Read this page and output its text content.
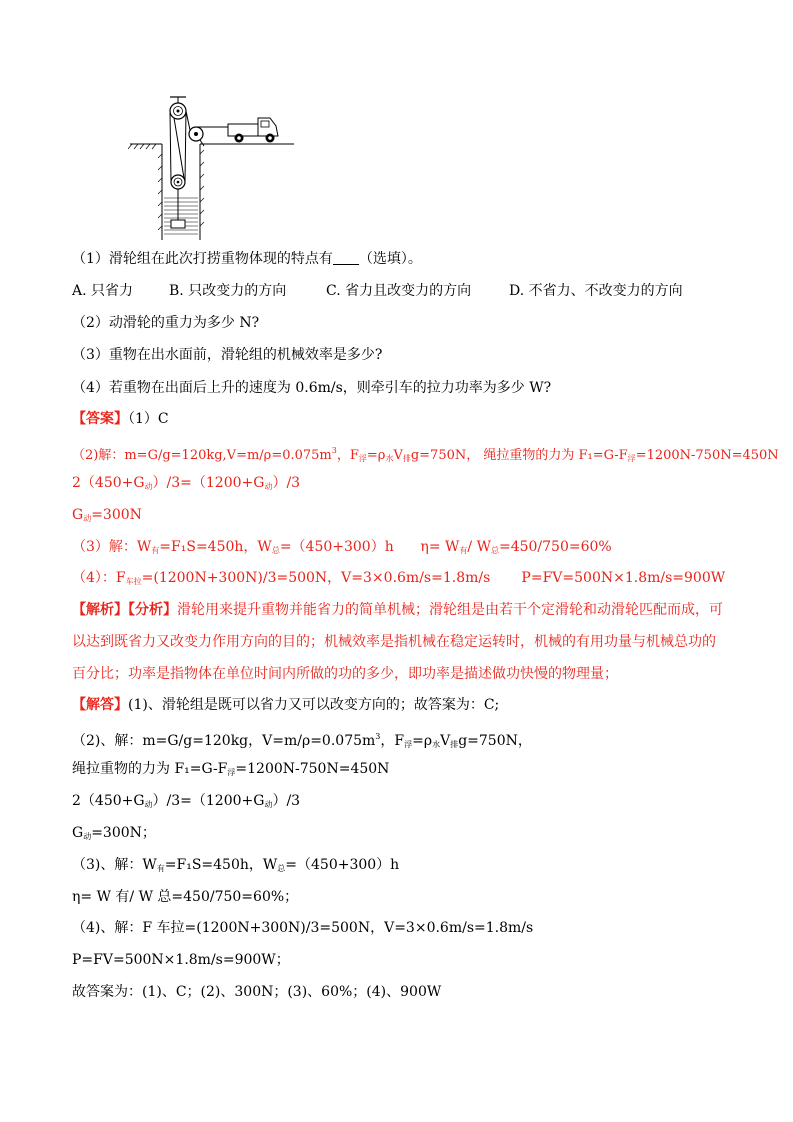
（1）滑轮组在此次打捞重物体现的特点有 （选填）。
A. 只省力	B. 只改变力的方向	C. 省力且改变力的方向	D. 不省力、不改变力的方向
（2）动滑轮的重力为多少 N?
（3）重物在出水面前，滑轮组的机械效率是多少?
（4）若重物在出面后上升的速度为 0.6m/s，则牵引车的拉力功率为多少 W?
【答案】（1）C
（2)解：$m=G/g=120kg,V=m/\rho=0.075m^3$，$F_浮=\rho_水V_排g=750N$， 绳拉重物的力为 $F_1=G-F_浮=1200N-750N=450N$
$2(450+G_动)/3=(1200+G_动)/3$
$G_动=300N$
（3）解：$W_有=F_1S=450h$，$W_总=(450+300)h$      $\eta= W_有/$ $W_总=450/750=60\%$
（4）：$F_{车拉}=(1200N+300N)/3=500N$，V=3×0.6m/s=1.8m/s       P=FV=500N×1.8m/s=900W
【解析】【分析】滑轮用来提升重物并能省力的简单机械；滑轮组是由若干个定滑轮和动滑轮匹配而成，可
以达到既省力又改变力作用方向的目的；机械效率是指机械在稳定运转时，机械的有用功量与机械总功的
百分比；功率是指物体在单位时间内所做的功的多少，即功率是描述做功快慢的物理量；
【解答】(1)、滑轮组是既可以省力又可以改变方向的；故答案为：C;
（2)、解：m=G/g=120kg，$V=m/\rho=0.075m^3$，$F_浮=\rho_水V_排g=750N$，
绳拉重物的力为 $F_1=G-F_浮=1200N-750N=450N$
$2(450+G_动)/3=(1200+G_动)/3$
$G_动=300N$；
（3)、解：$W_有=F_1S=450h$，$W_总=(450+300)h$
η= W 有/ W 总=450/750=60%；
（4)、解：F 车拉=(1200N+300N)/3=500N，V=3×0.6m/s=1.8m/s
P=FV=500N×1.8m/s=900W；
故答案为：(1)、C；(2)、300N；(3)、60%；(4)、900W
